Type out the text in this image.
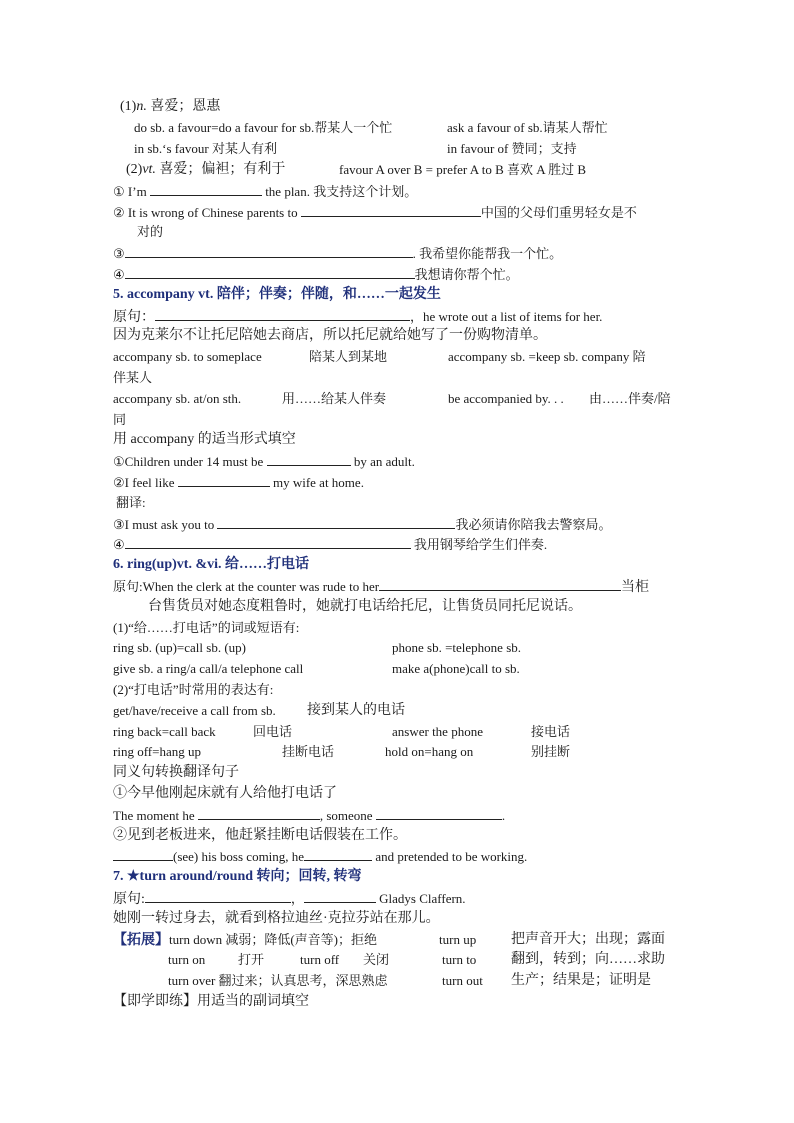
(1)n. 喜爱；恩惠
do sb. a favour=do a favour for sb.帮某人一个忙	ask a favour of sb.请某人帮忙
in sb.‘s favour 对某人有利	in favour of 赞同；支持
(2)vt. 喜爱；偏袒；有利于	favour A over B = prefer A to B 喜欢 A 胜过 B
① I’m	the plan. 我支持这个计划。
② It is wrong of Chinese parents to	中国的父母们重男轻女是不
对的
③	. 我希望你能帮我一个忙。
④	我想请你帮个忙。
5. accompany vt. 陪伴；伴奏；伴随，和……一起发生
原句：	，he wrote out a list of items for her.
因为克莱尔不让托尼陪她去商店，所以托尼就给她写了一份购物清单。
accompany sb. to someplace	陪某人到某地	accompany sb. =keep sb. company 陪
伴某人
accompany sb. at/on sth.	用……给某人伴奏	be accompanied by. . . 由……伴奏/陪
同
用 accompany 的适当形式填空
①Children under 14 must be	by an adult.
②I feel like	my wife at home.
翻译:
③I must ask you to	我必须请你陪我去警察局。
④	我用钢琴给学生们伴奏.
6. ring(up)vt. &vi. 给……打电话
原句:When the clerk at the counter was rude to her	当柜
台售货员对她态度粗鲁时，她就打电话给托尼，让售货员同托尼说话。
(1)“给……打电话”的词或短语有:
ring sb. (up)=call sb. (up)	phone sb. =telephone sb.
give sb. a ring/a call/a telephone call	make a(phone)call to sb.
(2)“打电话”时常用的表达有:
get/have/receive a call from sb. 接到某人的电话
ring back=call back	回电话	answer the phone	接电话
ring off=hang up	挂断电话	hold on=hang on	别挂断
同义句转换翻译句子
①今早他刚起床就有人给他打电话了
The moment he	, someone	.
②见到老板进来，他赶紧挂断电话假装在工作。
(see) his boss coming, he	and pretended to be working.
7. ★turn around/round 转向；回转, 转弯
原句:	，	Gladys Claffern.
她刚一转过身去，就看到格拉迪丝·克拉芬站在那儿。
【拓展】turn down 减弱；降低(声音等)；拒绝	turn up 把声音开大；出现；露面
turn on	打开	turn off 关闭	turn to 翻到，转到；向……求助
turn over 翻过来；认真思考，深思熟虑	turn out 生产；结果是；证明是
【即学即练】用适当的副词填空
